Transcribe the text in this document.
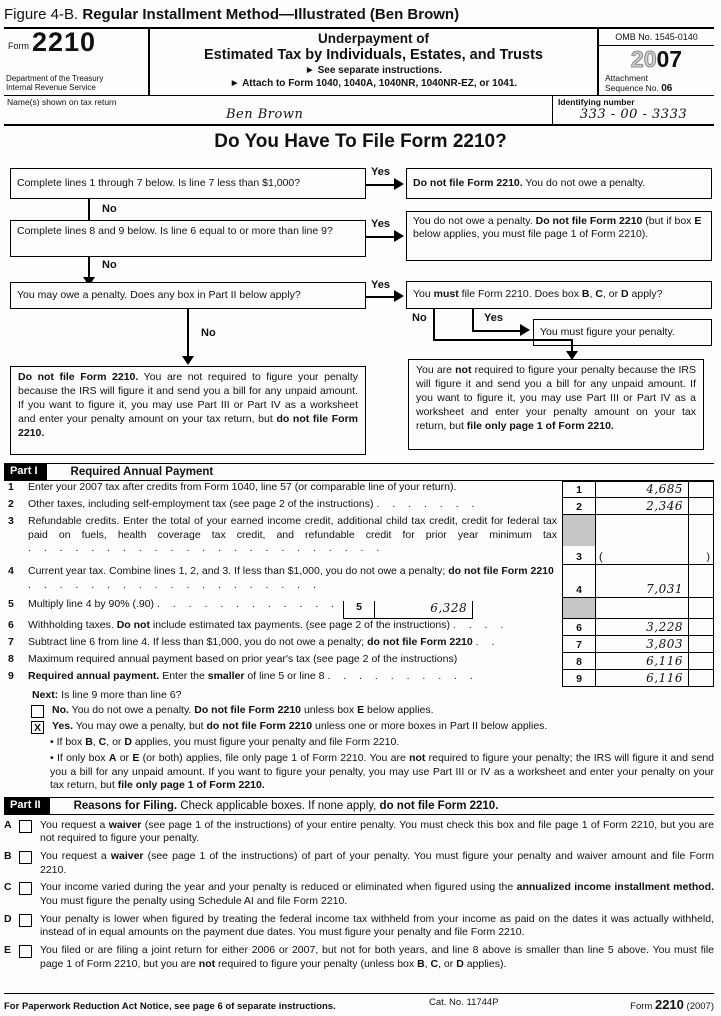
Figure 4-B. Regular Installment Method—Illustrated (Ben Brown)
Form 2210
Department of the Treasury
Internal Revenue Service
Underpayment of
Estimated Tax by Individuals, Estates, and Trusts
► See separate instructions.
► Attach to Form 1040, 1040A, 1040NR, 1040NR-EZ, or 1041.
OMB No. 1545-0140
2007
Attachment
Sequence No. 06
Name(s) shown on tax return
Ben Brown
Identifying number
333 - 00 - 3333
Do You Have To File Form 2210?
Complete lines 1 through 7 below. Is line 7 less than $1,000?
Yes
Do not file Form 2210. You do not owe a penalty.
No
Complete lines 8 and 9 below. Is line 6 equal to or more than line 9?
Yes	You do not owe a penalty. Do not file Form 2210 (but if box E below applies, you must file page 1 of Form 2210).
No
You may owe a penalty. Does any box in Part II below apply?
Yes
You must file Form 2210. Does box B, C, or D apply?
No
No	Yes
You must figure your penalty.
Do not file Form 2210. You are not required to figure your penalty because the IRS will figure it and send you a bill for any unpaid amount. If you want to figure it, you may use Part III or Part IV as a worksheet and enter your penalty amount on your tax return, but do not file Form 2210.
You are not required to figure your penalty because the IRS will figure it and send you a bill for any unpaid amount. If you want to figure it, you may use Part III or Part IV as a worksheet and enter your penalty amount on your tax return, but file only page 1 of Form 2210.
Part I	Required Annual Payment
1	Enter your 2007 tax after credits from Form 1040, line 57 (or comparable line of your return).	1	4,685
2	Other taxes, including self-employment tax (see page 2 of the instructions) . . . . . . .	2	2,346
3	Refundable credits. Enter the total of your earned income credit, additional child tax credit, credit for federal tax paid on fuels, health coverage tax credit, and refundable credit for prior year minimum tax . . . . . . . . . . . . . . . . . . . . . . .
3	(	)
4	Current year tax. Combine lines 1, 2, and 3. If less than $1,000, you do not owe a penalty; do not file Form 2210 . . . . . . . . . . . . . . . . . . .	4	7,031
5	Multiply line 4 by 90% (.90) . . . . . . . . . . . .	5	6,328
6	Withholding taxes. Do not include estimated tax payments. (see page 2 of the instructions) . . . .	6	3,228
7	Subtract line 6 from line 4. If less than $1,000, you do not owe a penalty; do not file Form 2210 . .	7	3,803
8	Maximum required annual payment based on prior year's tax (see page 2 of the instructions)	8	6,116
9	Required annual payment. Enter the smaller of line 5 or line 8 . . . . . . . . . .	9	6,116
Next: Is line 9 more than line 6?
No. You do not owe a penalty. Do not file Form 2210 unless box E below applies.
X Yes. You may owe a penalty, but do not file Form 2210 unless one or more boxes in Part II below applies.
• If box B, C, or D applies, you must figure your penalty and file Form 2210.
• If only box A or E (or both) applies, file only page 1 of Form 2210. You are not required to figure your penalty; the IRS will figure it and send you a bill for any unpaid amount. If you want to figure your penalty, you may use Part III or IV as a worksheet and enter your penalty on your tax return, but file only page 1 of Form 2210.
Part II	Reasons for Filing. Check applicable boxes. If none apply, do not file Form 2210.
A	You request a waiver (see page 1 of the instructions) of your entire penalty. You must check this box and file page 1 of Form 2210, but you are not required to figure your penalty.
B	You request a waiver (see page 1 of the instructions) of part of your penalty. You must figure your penalty and waiver amount and file Form 2210.
C	Your income varied during the year and your penalty is reduced or eliminated when figured using the annualized income installment method. You must figure the penalty using Schedule AI and file Form 2210.
D	Your penalty is lower when figured by treating the federal income tax withheld from your income as paid on the dates it was actually withheld, instead of in equal amounts on the payment due dates. You must figure your penalty and file Form 2210.
E	You filed or are filing a joint return for either 2006 or 2007, but not for both years, and line 8 above is smaller than line 5 above. You must file page 1 of Form 2210, but you are not required to figure your penalty (unless box B, C, or D applies).
For Paperwork Reduction Act Notice, see page 6 of separate instructions.	Cat. No. 11744P	Form 2210 (2007)
